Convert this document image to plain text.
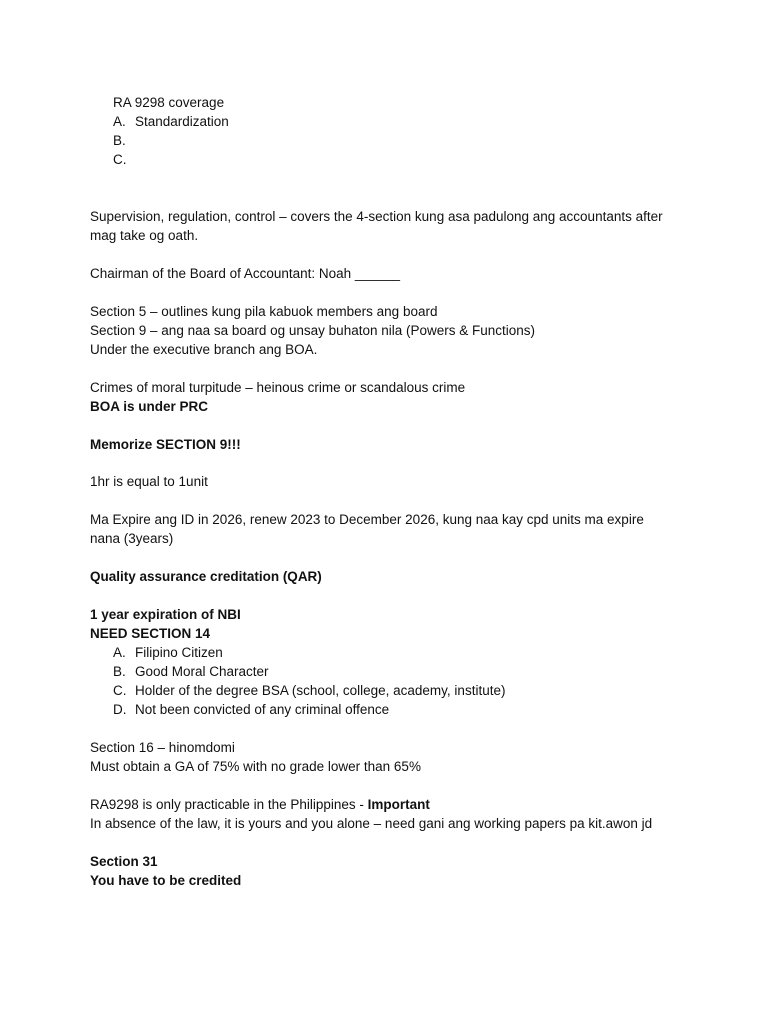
RA 9298 coverage
A. Standardization
B.
C.
Supervision, regulation, control – covers the 4-section kung asa padulong ang accountants after
mag take og oath.
Chairman of the Board of Accountant: Noah ______
Section 5 – outlines kung pila kabuok members ang board
Section 9 – ang naa sa board og unsay buhaton nila (Powers & Functions)
Under the executive branch ang BOA.
Crimes of moral turpitude – heinous crime or scandalous crime
BOA is under PRC
Memorize SECTION 9!!!
1hr is equal to 1unit
Ma Expire ang ID in 2026, renew 2023 to December 2026, kung naa kay cpd units ma expire
nana (3years)
Quality assurance creditation (QAR)
1 year expiration of NBI
NEED SECTION 14
A. Filipino Citizen
B. Good Moral Character
C. Holder of the degree BSA (school, college, academy, institute)
D. Not been convicted of any criminal offence
Section 16 – hinomdomi
Must obtain a GA of 75% with no grade lower than 65%
RA9298 is only practicable in the Philippines - Important
In absence of the law, it is yours and you alone – need gani ang working papers pa kit.awon jd
Section 31
You have to be credited
